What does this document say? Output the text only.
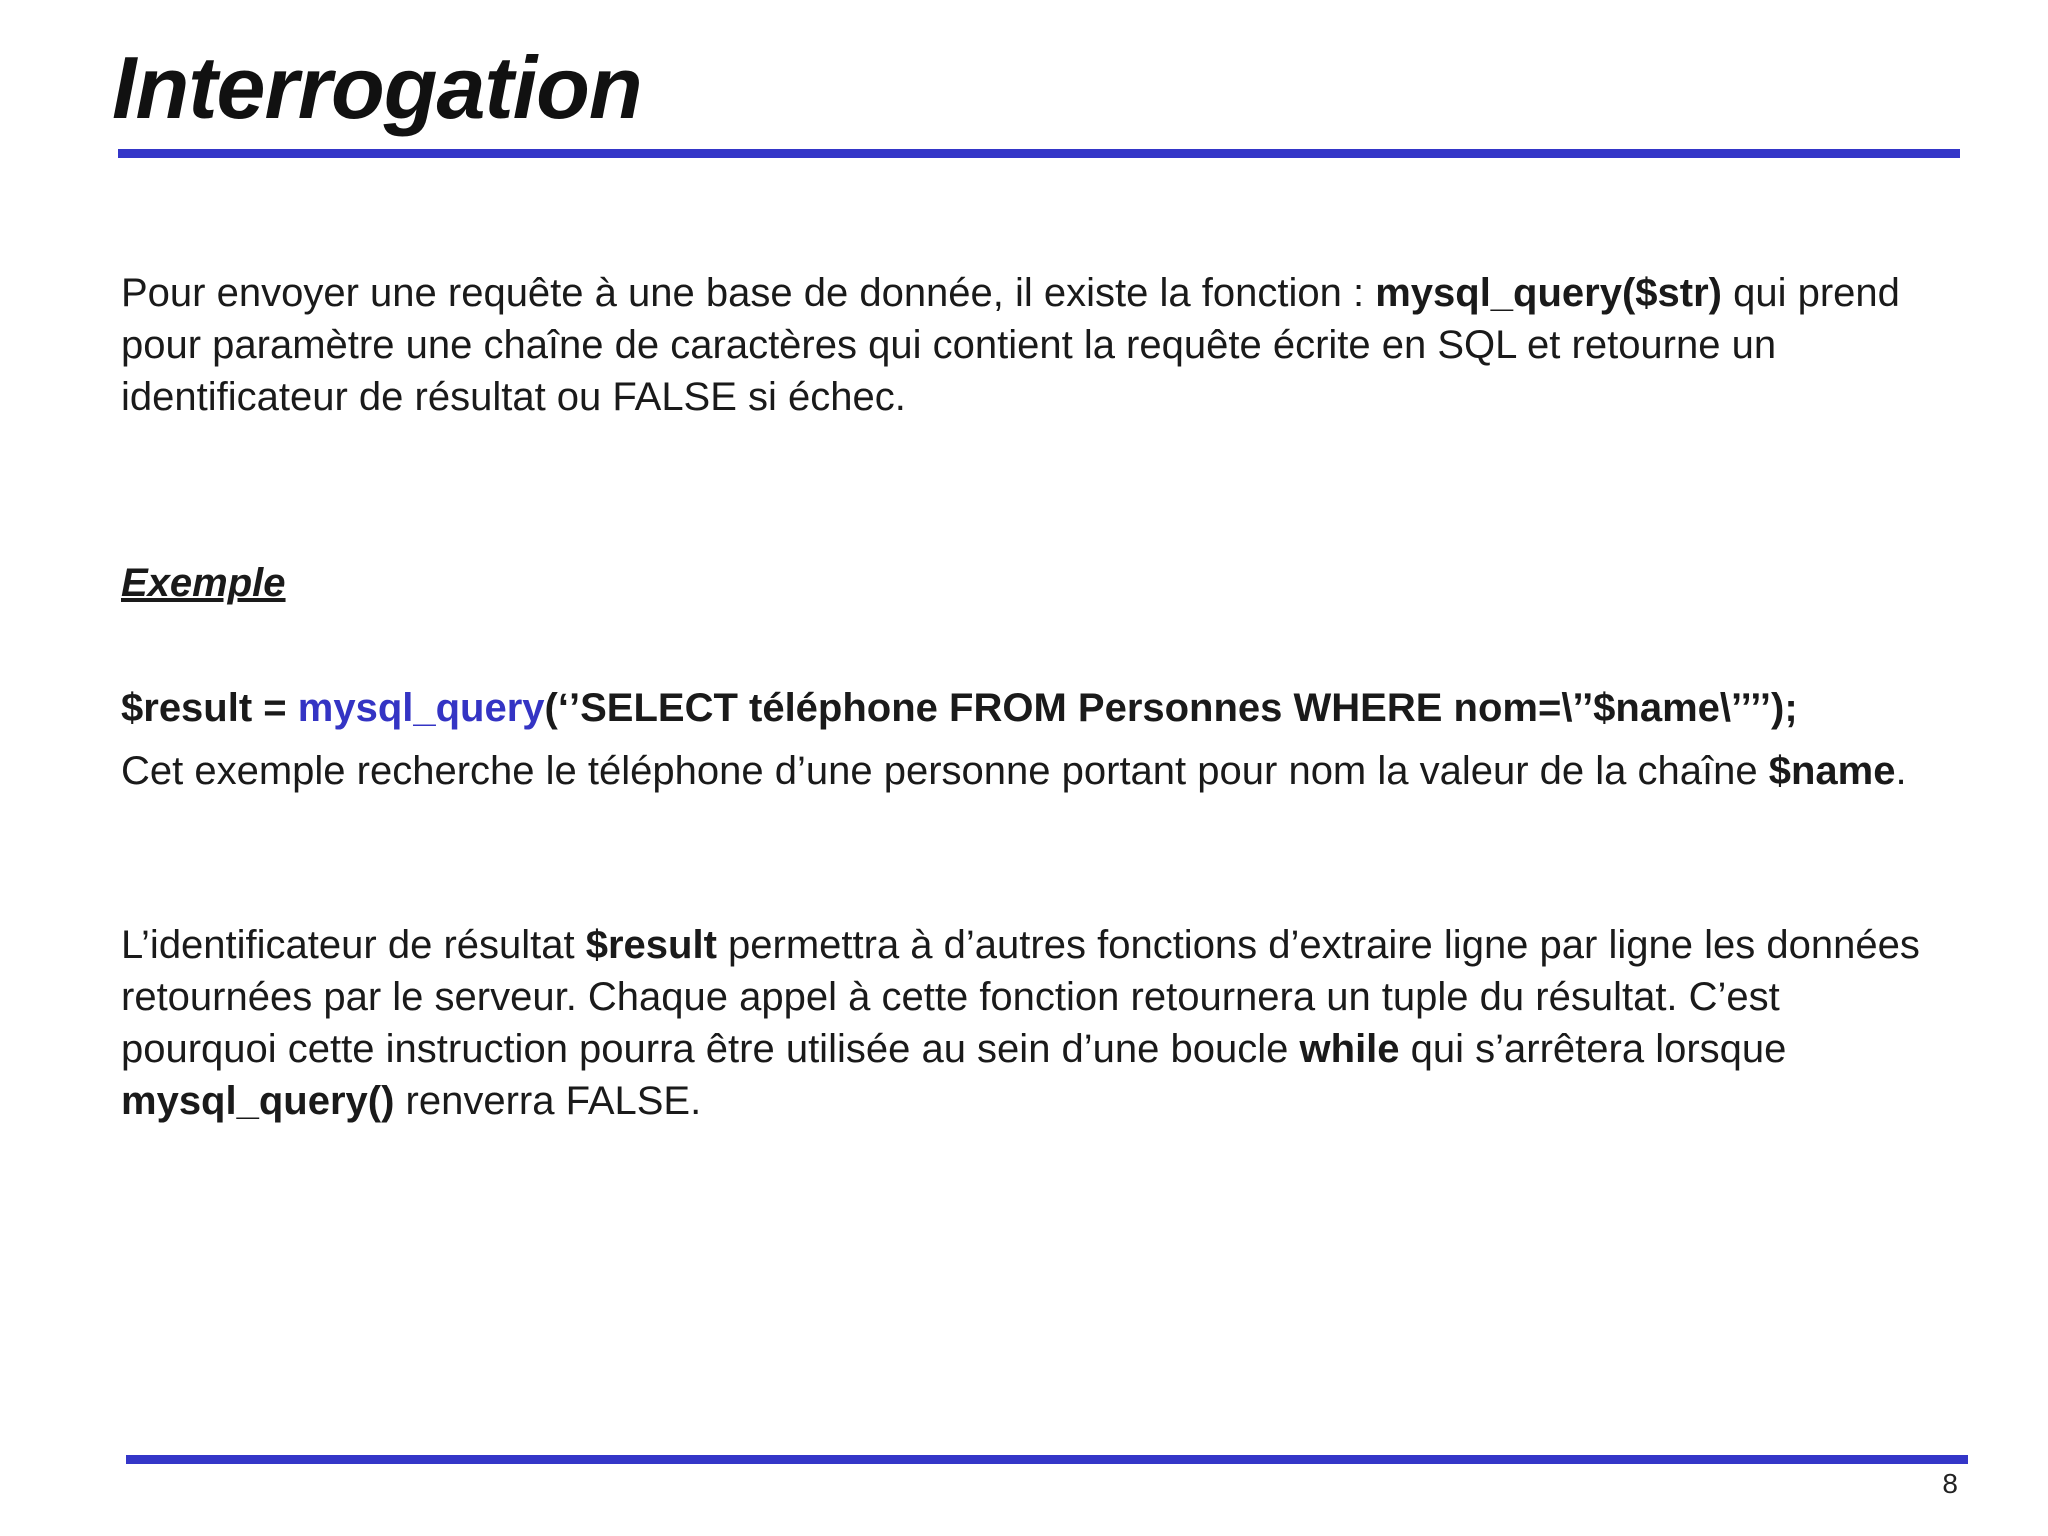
Interrogation

Pour envoyer une requête à une base de donnée, il existe la fonction : mysql_query($str) qui prend pour paramètre une chaîne de caractères qui contient la requête écrite en SQL et retourne un identificateur de résultat ou FALSE si échec.

Exemple

$result = mysql_query(‘’SELECT téléphone FROM Personnes WHERE nom=\’’$name\’’’’);

Cet exemple recherche le téléphone d’une personne portant pour nom la valeur de la chaîne $name.

L’identificateur de résultat $result permettra à d’autres fonctions d’extraire ligne par ligne les données retournées par le serveur. Chaque appel à cette fonction retournera un tuple du résultat. C’est pourquoi cette instruction pourra être utilisée au sein d’une boucle while qui s’arrêtera lorsque mysql_query() renverra FALSE.

8
